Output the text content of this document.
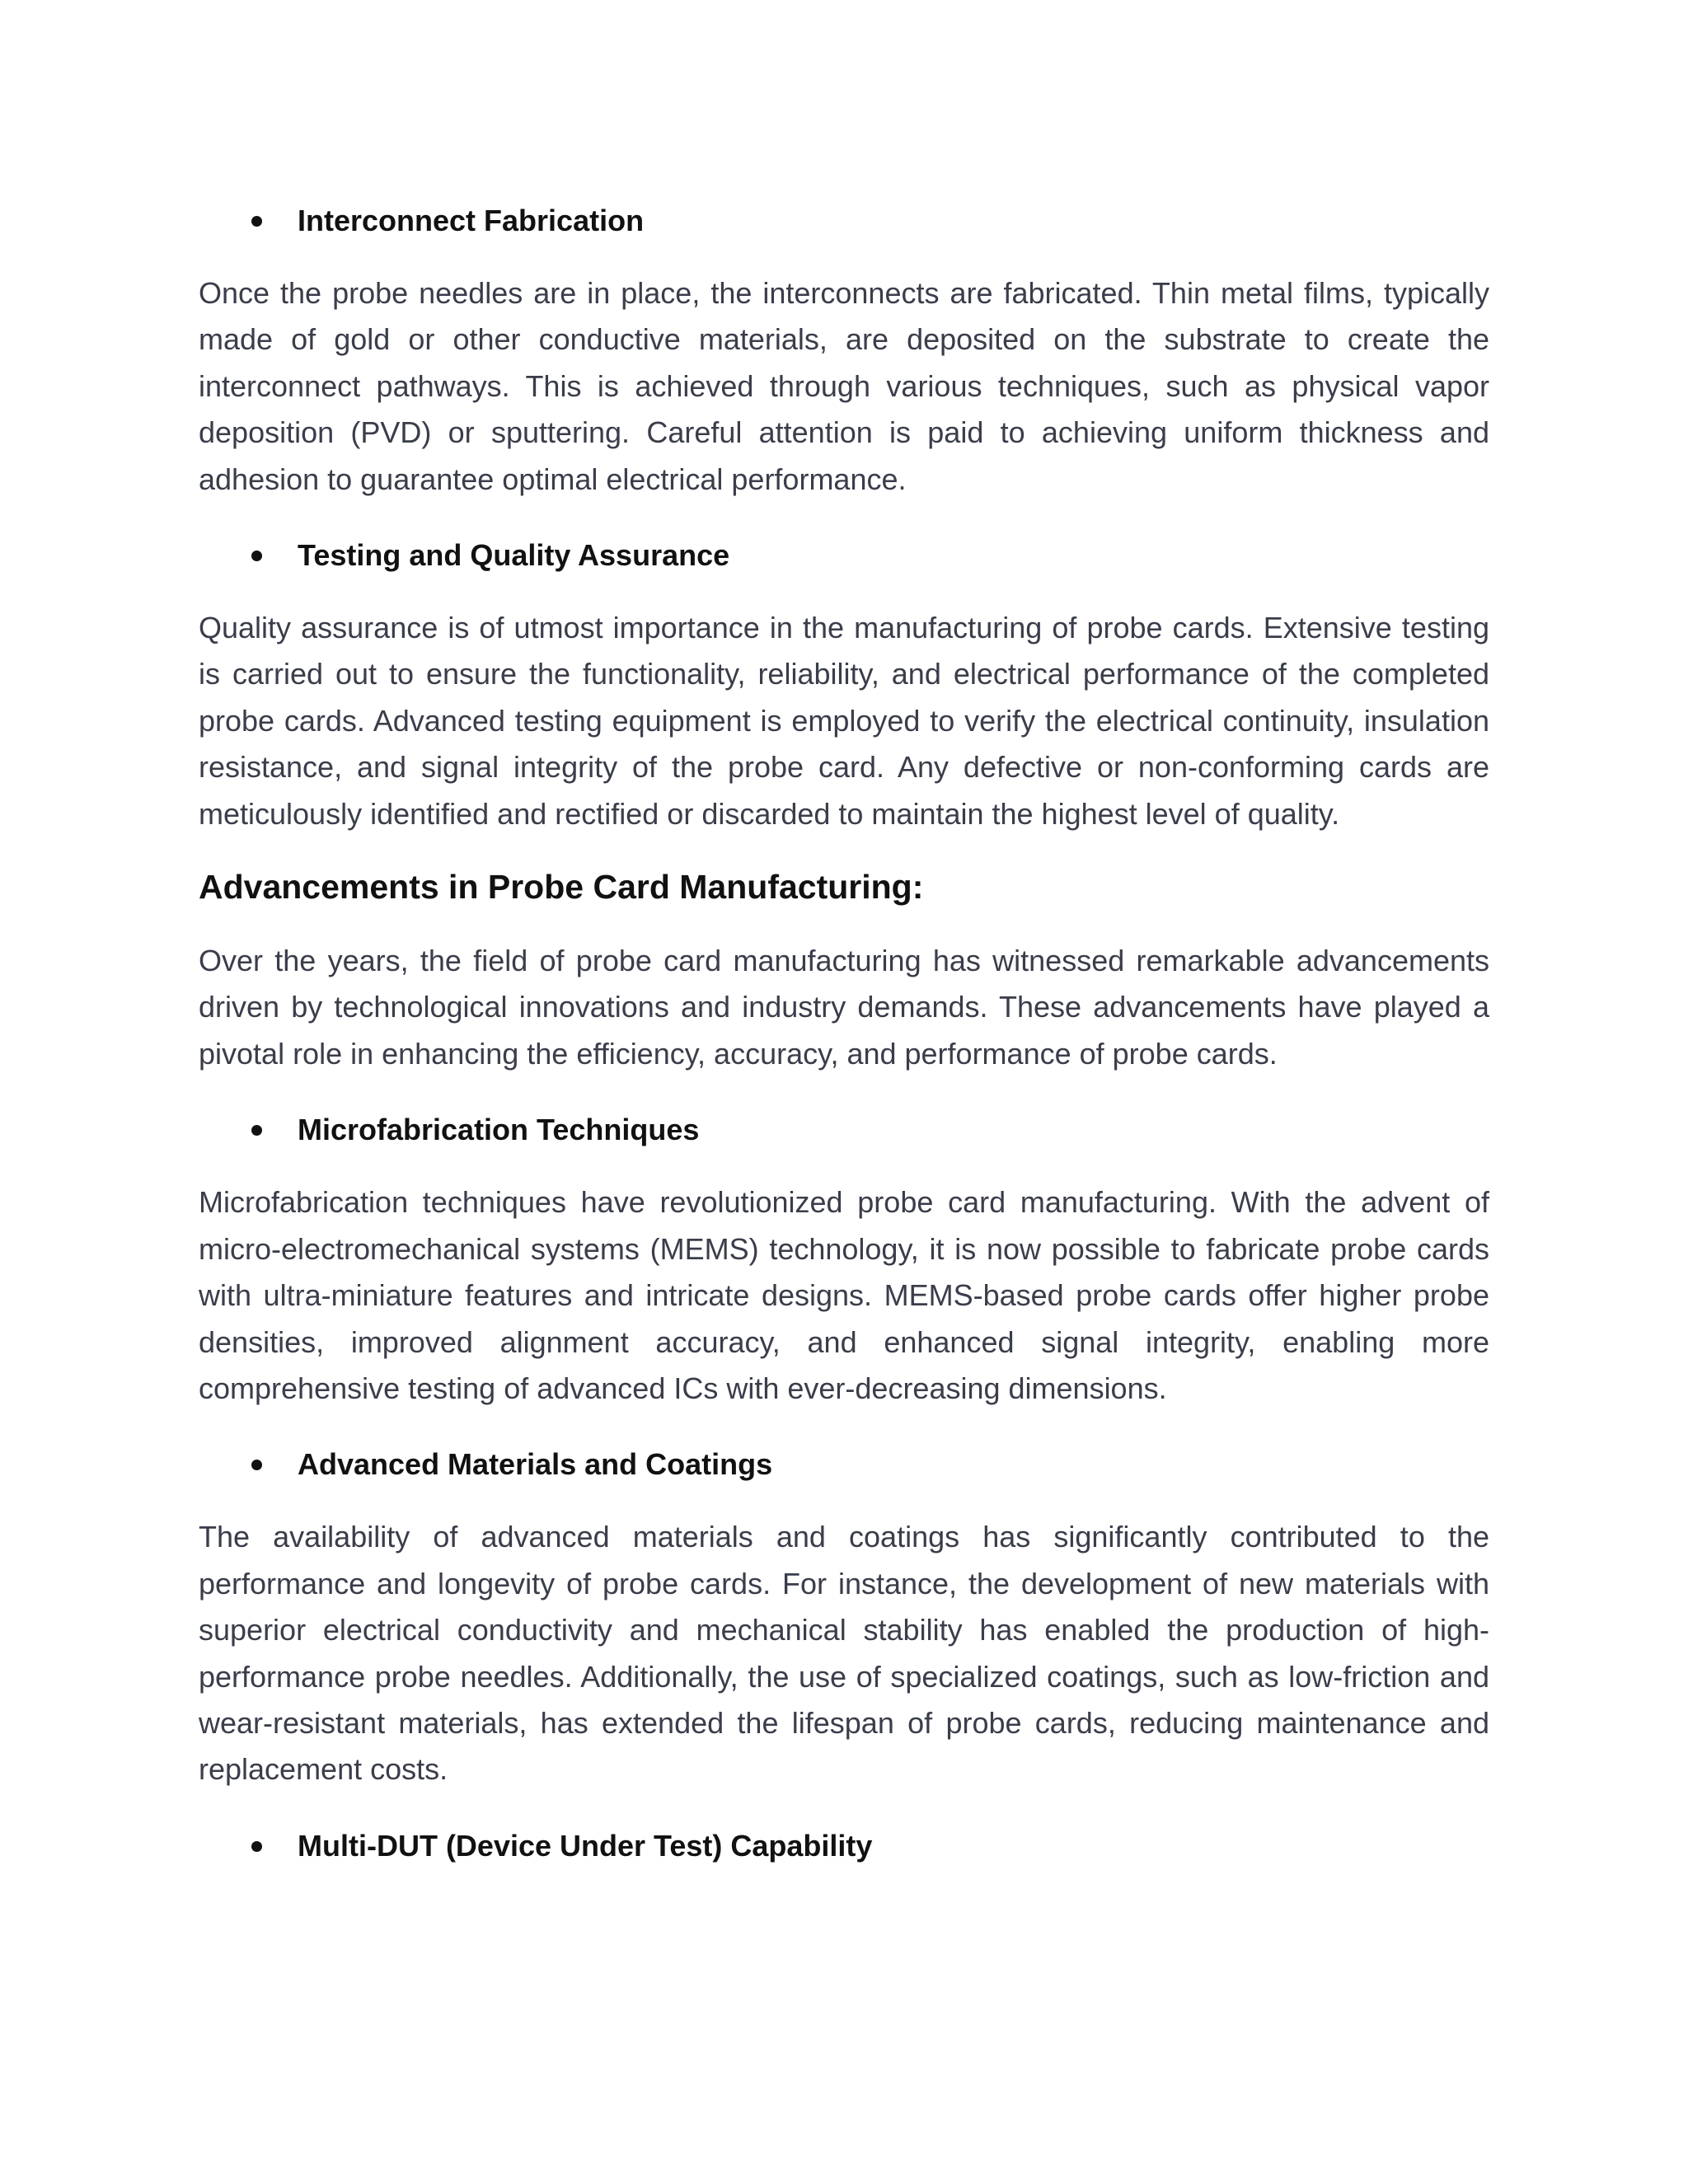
Interconnect Fabrication

Once the probe needles are in place, the interconnects are fabricated. Thin metal films, typically made of gold or other conductive materials, are deposited on the substrate to create the interconnect pathways. This is achieved through various techniques, such as physical vapor deposition (PVD) or sputtering. Careful attention is paid to achieving uniform thickness and adhesion to guarantee optimal electrical performance.

Testing and Quality Assurance

Quality assurance is of utmost importance in the manufacturing of probe cards. Extensive testing is carried out to ensure the functionality, reliability, and electrical performance of the completed probe cards. Advanced testing equipment is employed to verify the electrical continuity, insulation resistance, and signal integrity of the probe card. Any defective or non-conforming cards are meticulously identified and rectified or discarded to maintain the highest level of quality.

Advancements in Probe Card Manufacturing:

Over the years, the field of probe card manufacturing has witnessed remarkable advancements driven by technological innovations and industry demands. These advancements have played a pivotal role in enhancing the efficiency, accuracy, and performance of probe cards.

Microfabrication Techniques

Microfabrication techniques have revolutionized probe card manufacturing. With the advent of micro-electromechanical systems (MEMS) technology, it is now possible to fabricate probe cards with ultra-miniature features and intricate designs. MEMS-based probe cards offer higher probe densities, improved alignment accuracy, and enhanced signal integrity, enabling more comprehensive testing of advanced ICs with ever-decreasing dimensions.

Advanced Materials and Coatings

The availability of advanced materials and coatings has significantly contributed to the performance and longevity of probe cards. For instance, the development of new materials with superior electrical conductivity and mechanical stability has enabled the production of high-performance probe needles. Additionally, the use of specialized coatings, such as low-friction and wear-resistant materials, has extended the lifespan of probe cards, reducing maintenance and replacement costs.

Multi-DUT (Device Under Test) Capability
